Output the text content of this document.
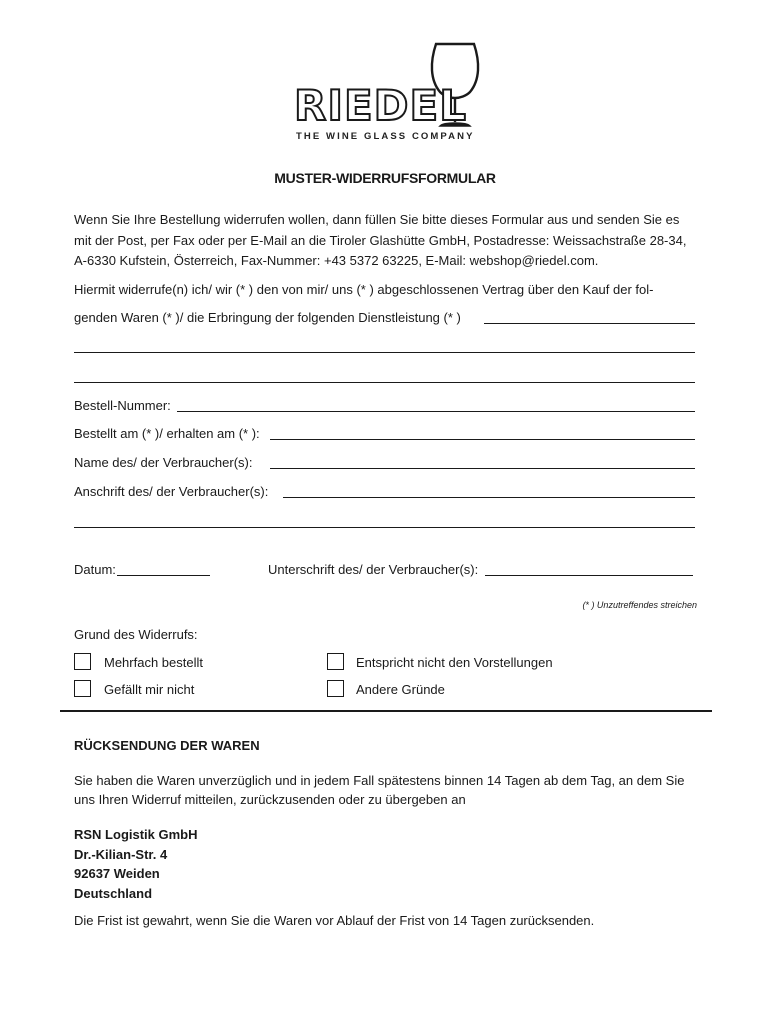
RIEDEL
THE WINE GLASS COMPANY
MUSTER-WIDERRUFSFORMULAR
Wenn Sie Ihre Bestellung widerrufen wollen, dann füllen Sie bitte dieses Formular aus und senden Sie es mit der Post, per Fax oder per E-Mail an die Tiroler Glashütte GmbH, Postadresse: Weissachstraße 28-34, A-6330 Kufstein, Österreich, Fax-Nummer: +43 5372 63225, E-Mail: webshop@riedel.com.
Hiermit widerrufe(n) ich/ wir (* ) den von mir/ uns (* ) abgeschlossenen Vertrag über den Kauf der fol-
genden Waren (* )/ die Erbringung der folgenden Dienstleistung (* )
Bestell-Nummer:
Bestellt am (* )/ erhalten am (* ):
Name des/ der Verbraucher(s):
Anschrift des/ der Verbraucher(s):
Datum:	Unterschrift des/ der Verbraucher(s):
(* ) Unzutreffendes streichen
Grund des Widerrufs:
Mehrfach bestellt	Entspricht nicht den Vorstellungen
Gefällt mir nicht	Andere Gründe
RÜCKSENDUNG DER WAREN
Sie haben die Waren unverzüglich und in jedem Fall spätestens binnen 14 Tagen ab dem Tag, an dem Sie uns Ihren Widerruf mitteilen, zurückzusenden oder zu übergeben an
RSN Logistik GmbH
Dr.-Kilian-Str. 4
92637 Weiden
Deutschland
Die Frist ist gewahrt, wenn Sie die Waren vor Ablauf der Frist von 14 Tagen zurücksenden.
